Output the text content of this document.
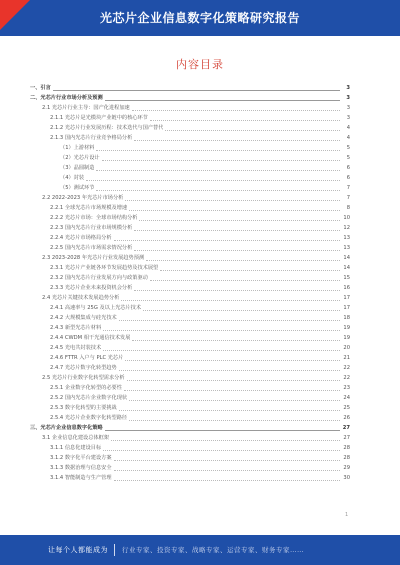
光芯片企业信息数字化策略研究报告
内容目录
一、引言	3
二、光芯片行业市场分析及预测	3
2.1 光芯片行业主导：国产化进程加速	3
2.1.1 光芯片是光模块产业链中的核心环节	3
2.1.2 光芯片行业发展历程：技术迭代与国产替代	4
2.1.3 国内光芯片行业竞争格局分析	4
（1）上游材料	5
（2）光芯片设计	5
（3）晶圆制造	6
（4）封装	6
（5）测试环节	7
2.2 2022-2023 年光芯片市场分析	7
2.2.1 全球光芯片市场规模及增速	8
2.2.2 光芯片市场：全球市场结构分析	10
2.2.3 国内光芯片行业市场规模分析	12
2.2.4 光芯片市场格局分析	13
2.2.5 国内光芯片市场需求情况分析	13
2.3 2023-2028 年光芯片行业发展趋势预测	14
2.3.1 光芯片产业链各环节发展趋势及技术展望	14
2.3.2 国内光芯片行业发展方向与政策驱动	15
2.3.3 光芯片企业未来投资机会分析	16
2.4 光芯片关键技术发展趋势分析	17
2.4.1 高速率与 25G 及以上光芯片技术	17
2.4.2 大规模集成与硅光技术	18
2.4.3 新型光芯片材料	19
2.4.4 CWDM 相干光通信技术发展	19
2.4.5 光电共封装技术	20
2.4.6 FTTR 入户与 PLC 光芯片	21
2.4.7 光芯片数字化转型趋势	22
2.5 光芯片行业数字化转型需求分析	22
2.5.1 企业数字化转型的必要性	23
2.5.2 国内光芯片企业数字化现状	24
2.5.3 数字化转型的主要挑战	25
2.5.4 光芯片企业数字化转型路径	26
三、光芯片企业信息数字化策略	27
3.1 企业信息化建设总体框架	27
3.1.1 信息化建设目标	28
3.1.2 数字化平台建设方案	28
3.1.3 数据治理与信息安全	29
3.1.4 智能制造与生产管理	30
1
让每个人都能成为 行业专家、投资专家、战略专家、运营专家、财务专家……
